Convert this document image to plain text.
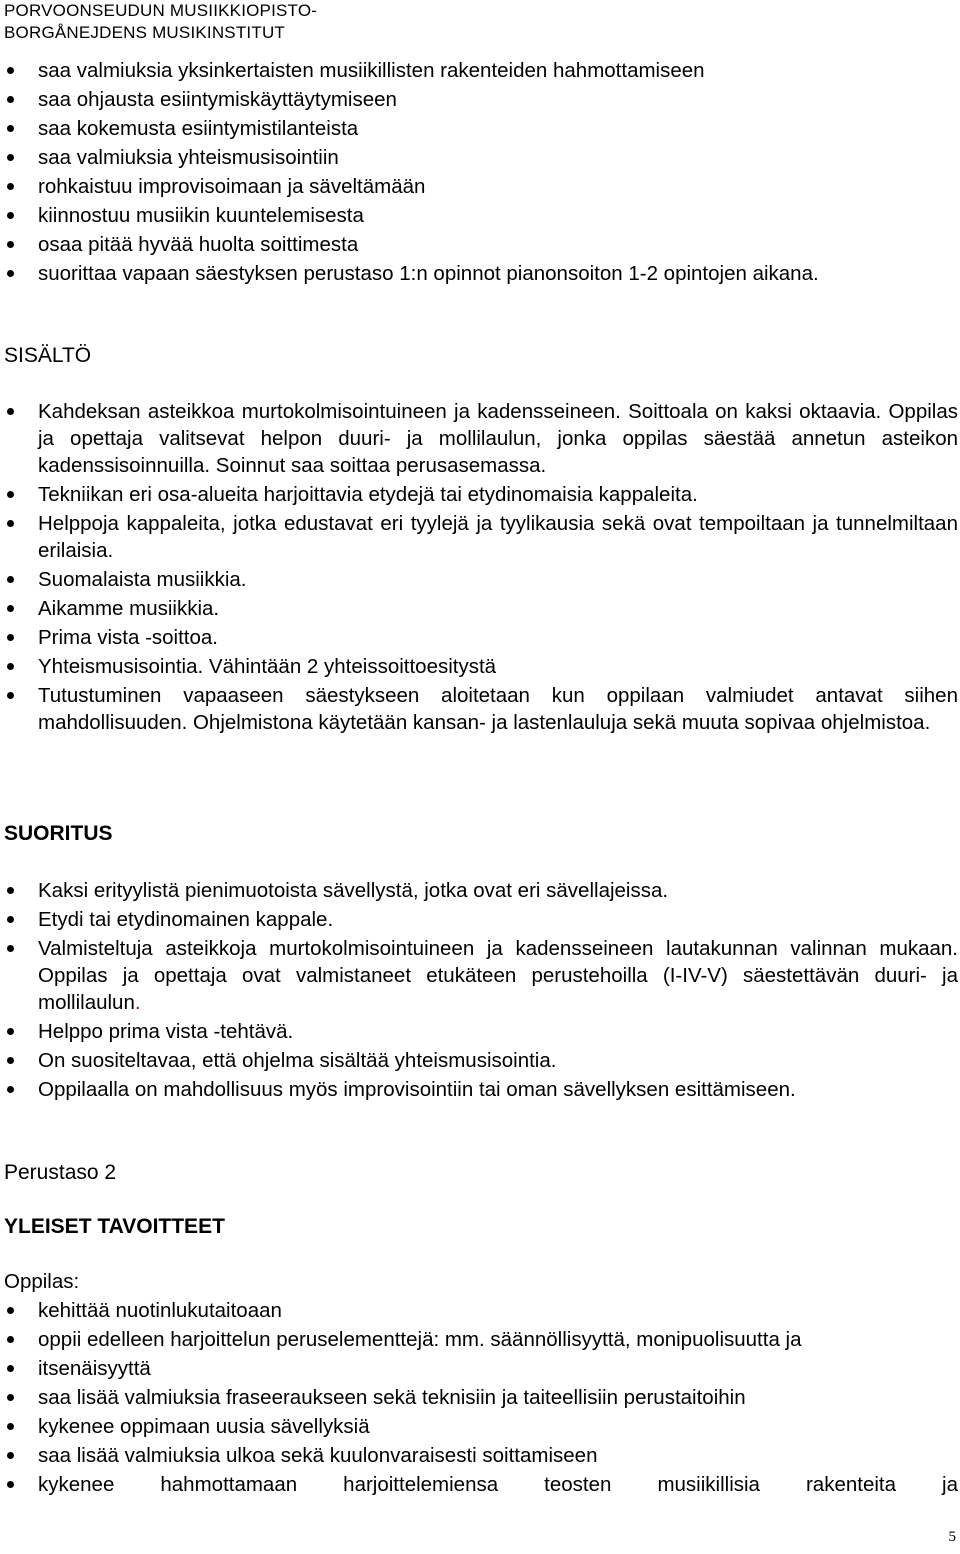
PORVOONSEUDUN MUSIIKKIOPISTO-
BORGÅNEJDENS MUSIKINSTITUT
saa valmiuksia yksinkertaisten musiikillisten rakenteiden hahmottamiseen
saa ohjausta esiintymiskäyttäytymiseen
saa kokemusta esiintymistilanteista
saa valmiuksia yhteismusisointiin
rohkaistuu improvisoimaan ja säveltämään
kiinnostuu musiikin kuuntelemisesta
osaa pitää hyvää huolta soittimesta
suorittaa vapaan säestyksen perustaso 1:n opinnot pianonsoiton 1-2 opintojen aikana.
SISÄLTÖ
Kahdeksan asteikkoa murtokolmisointuineen ja kadensseineen. Soittoala on kaksi oktaavia. Oppilas ja opettaja valitsevat helpon duuri- ja mollilaulun, jonka oppilas säestää annetun asteikon kadenssisoinnuilla. Soinnut saa soittaa perusasemassa.
Tekniikan eri osa-alueita harjoittavia etydejä tai etydinomaisia kappaleita.
Helppoja kappaleita, jotka edustavat eri tyylejä ja tyylikausia sekä ovat tempoiltaan ja tunnelmiltaan erilaisia.
Suomalaista musiikkia.
Aikamme musiikkia.
Prima vista -soittoa.
Yhteismusisointia. Vähintään 2 yhteissoittoesitystä
Tutustuminen vapaaseen säestykseen aloitetaan kun oppilaan valmiudet antavat siihen mahdollisuuden. Ohjelmistona käytetään kansan- ja lastenlauluja sekä muuta sopivaa ohjelmistoa.
SUORITUS
Kaksi erityylistä pienimuotoista sävellystä, jotka ovat eri sävellajeissa.
Etydi tai etydinomainen kappale.
Valmisteltuja asteikkoja murtokolmisointuineen ja kadensseineen lautakunnan valinnan mukaan. Oppilas ja opettaja ovat valmistaneet etukäteen perustehoilla (I-IV-V) säestettävän duuri- ja mollilaulun.
Helppo prima vista -tehtävä.
On suositeltavaa, että ohjelma sisältää yhteismusisointia.
Oppilaalla on mahdollisuus myös improvisointiin tai oman sävellyksen esittämiseen.
Perustaso 2
YLEISET TAVOITTEET
Oppilas:
kehittää nuotinlukutaitoaan
oppii edelleen harjoittelun peruselementtejä: mm. säännöllisyyttä, monipuolisuutta ja
itsenäisyyttä
saa lisää valmiuksia fraseeraukseen sekä teknisiin ja taiteellisiin perustaitoihin
kykenee oppimaan uusia sävellyksiä
saa lisää valmiuksia ulkoa sekä kuulonvaraisesti soittamiseen
kykenee hahmottamaan harjoittelemiensa teosten musiikillisia rakenteita ja
5
